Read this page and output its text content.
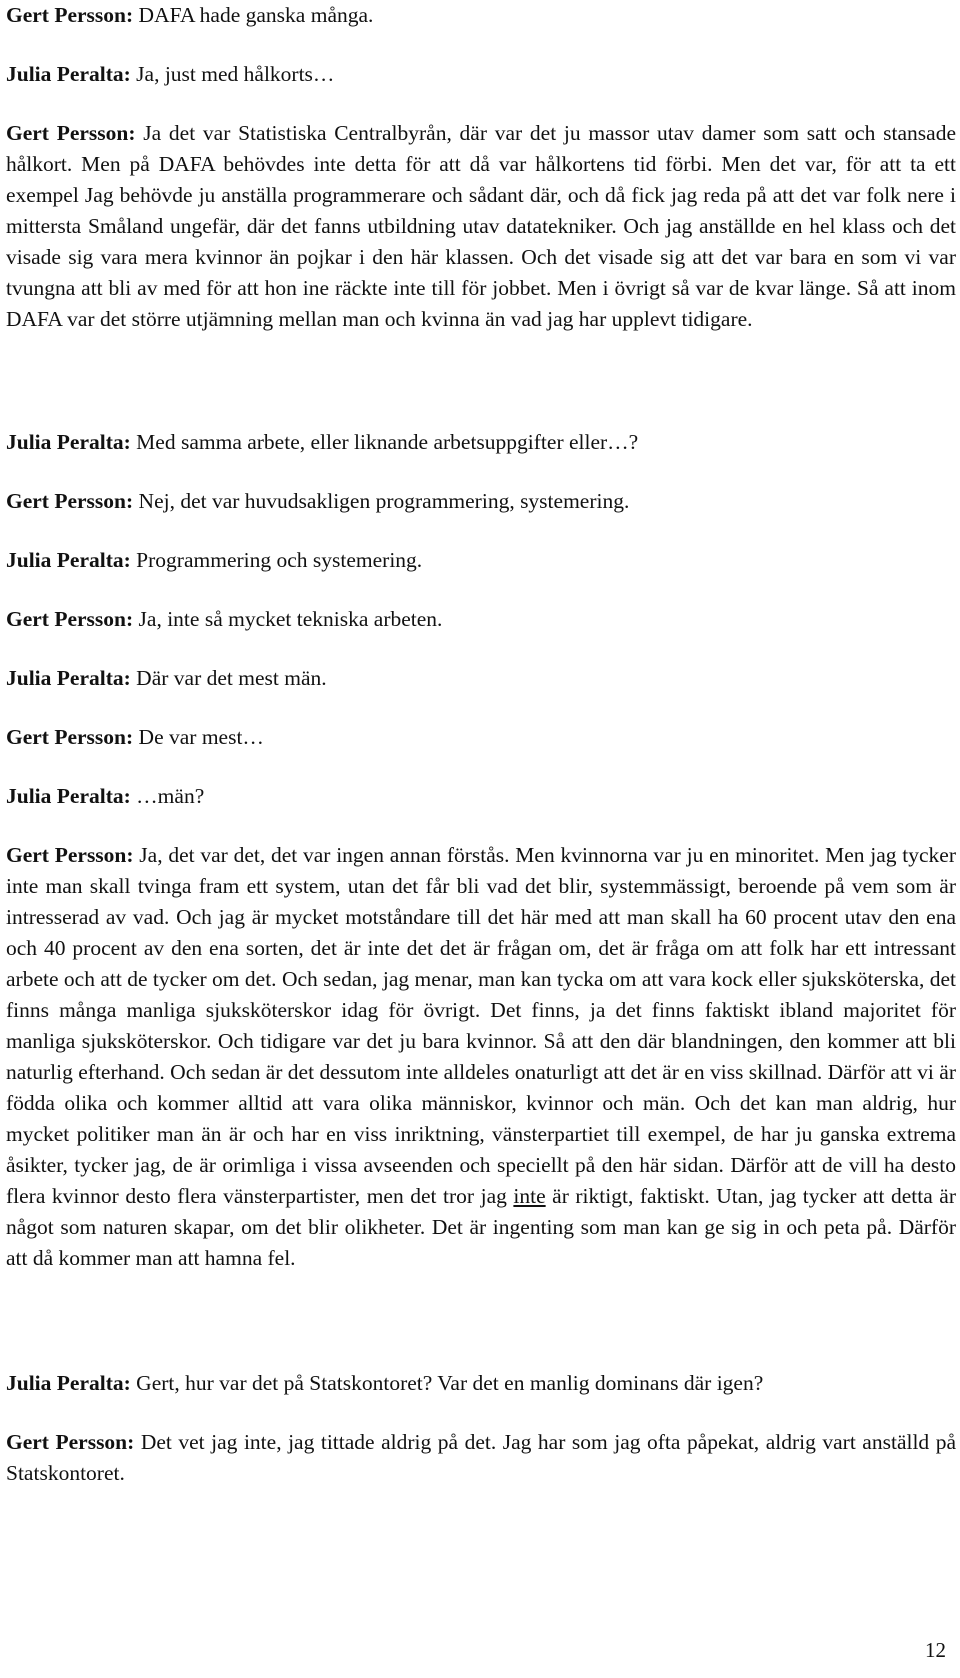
Gert Persson: DAFA hade ganska många.

Julia Peralta: Ja, just med hålkorts…

Gert Persson: Ja det var Statistiska Centralbyrån, där var det ju massor utav damer som satt och stansade hålkort. Men på DAFA behövdes inte detta för att då var hålkortens tid förbi. Men det var, för att ta ett exempel Jag behövde ju anställa programmerare och sådant där, och då fick jag reda på att det var folk nere i mittersta Småland ungefär, där det fanns utbildning utav datatekniker. Och jag anställde en hel klass och det visade sig vara mera kvinnor än pojkar i den här klassen. Och det visade sig att det var bara en som vi var tvungna att bli av med för att hon ine räckte inte till för jobbet. Men i övrigt så var de kvar länge. Så att inom DAFA var det större utjämning mellan man och kvinna än vad jag har upplevt tidigare.

Julia Peralta: Med samma arbete, eller liknande arbetsuppgifter eller…?

Gert Persson: Nej, det var huvudsakligen programmering, systemering.

Julia Peralta: Programmering och systemering.

Gert Persson: Ja, inte så mycket tekniska arbeten.

Julia Peralta: Där var det mest män.

Gert Persson: De var mest…

Julia Peralta: …män?

Gert Persson: Ja, det var det, det var ingen annan förstås. Men kvinnorna var ju en minoritet. Men jag tycker inte man skall tvinga fram ett system, utan det får bli vad det blir, systemmässigt, beroende på vem som är intresserad av vad. Och jag är mycket motståndare till det här med att man skall ha 60 procent utav den ena och 40 procent av den ena sorten, det är inte det det är frågan om, det är fråga om att folk har ett intressant arbete och att de tycker om det. Och sedan, jag menar, man kan tycka om att vara kock eller sjuksköterska, det finns många manliga sjuksköterskor idag för övrigt. Det finns, ja det finns faktiskt ibland majoritet för manliga sjuksköterskor. Och tidigare var det ju bara kvinnor. Så att den där blandningen, den kommer att bli naturlig efterhand. Och sedan är det dessutom inte alldeles onaturligt att det är en viss skillnad. Därför att vi är födda olika och kommer alltid att vara olika människor, kvinnor och män. Och det kan man aldrig, hur mycket politiker man än är och har en viss inriktning, vänsterpartiet till exempel, de har ju ganska extrema åsikter, tycker jag, de är orimliga i vissa avseenden och speciellt på den här sidan. Därför att de vill ha desto flera kvinnor desto flera vänsterpartister, men det tror jag inte är riktigt, faktiskt. Utan, jag tycker att detta är något som naturen skapar, om det blir olikheter. Det är ingenting som man kan ge sig in och peta på. Därför att då kommer man att hamna fel.

Julia Peralta: Gert, hur var det på Statskontoret? Var det en manlig dominans där igen?

Gert Persson: Det vet jag inte, jag tittade aldrig på det. Jag har som jag ofta påpekat, aldrig vart anställd på Statskontoret.

12
